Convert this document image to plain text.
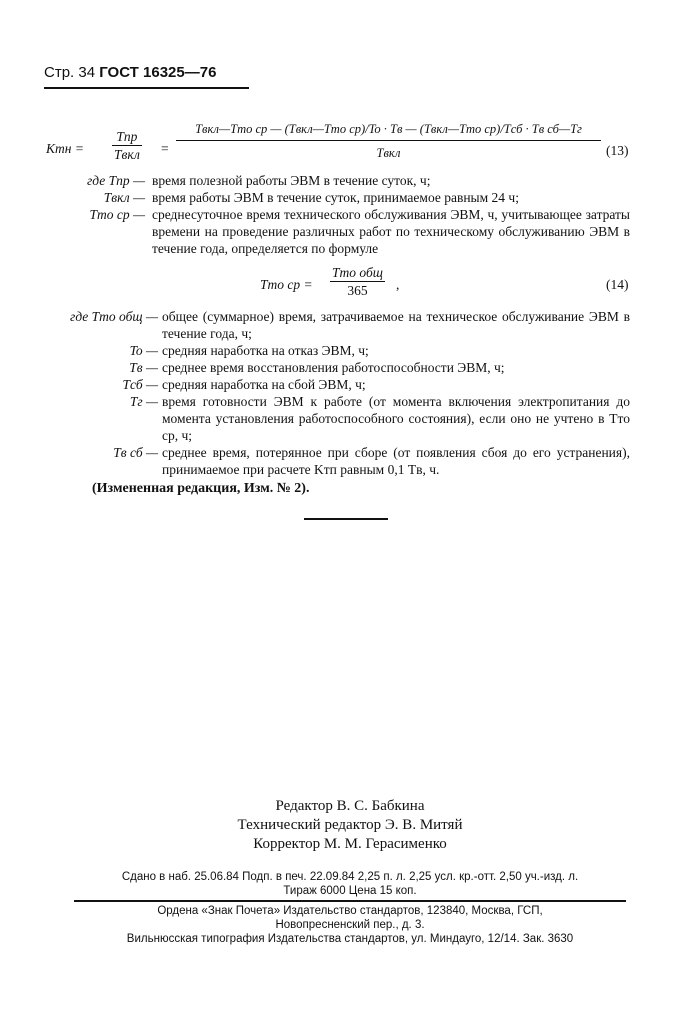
Стр. 34 ГОСТ 16325—76
Kтн = $\frac{\text{Tпр}}{\text{Tвкл}}$ =
Tвкл—Tто ср — (Tвкл—Tто ср)/To · Tв — (Tвкл—Tто ср)/Tсб · Tв сб—Tг
Tвкл	(13)
где Tпр — время полезной работы ЭВМ в течение суток, ч;
Tвкл — время работы ЭВМ в течение суток, принимаемое равным 24 ч;
Tто ср — среднесуточное время технического обслуживания ЭВМ, ч, учитывающее затраты времени на проведение различных работ по техническому обслуживанию ЭВМ в течение года, определяется по формуле
Tто ср = $\frac{\text{Tто общ}}{365}$ ,	(14)
где Tто общ — общее (суммарное) время, затрачиваемое на техническое обслуживание ЭВМ в течение года, ч;
To — средняя наработка на отказ ЭВМ, ч;
Tв — среднее время восстановления работоспособности ЭВМ, ч;
Tсб — средняя наработка на сбой ЭВМ, ч;
Tг — время готовности ЭВМ к работе (от момента включения электропитания до момента установления работоспособного состояния), если оно не учтено в Tто ср, ч;
Tв сб — среднее время, потерянное при сборе (от появления сбоя до его устранения), принимаемое при расчете Kтп равным 0,1 Tв, ч.
(Измененная редакция, Изм. № 2).
Редактор В. С. Бабкина
Технический редактор Э. В. Митяй
Корректор М. М. Герасименко
Сдано в наб. 25.06.84 Подп. в печ. 22.09.84 2,25 п. л. 2,25 усл. кр.-отт. 2,50 уч.-изд. л.
Тираж 6000 Цена 15 коп.
Ордена «Знак Почета» Издательство стандартов, 123840, Москва, ГСП,
Новопресненский пер., д. 3.
Вильнюсская типография Издательства стандартов, ул. Миндауго, 12/14. Зак. 3630
